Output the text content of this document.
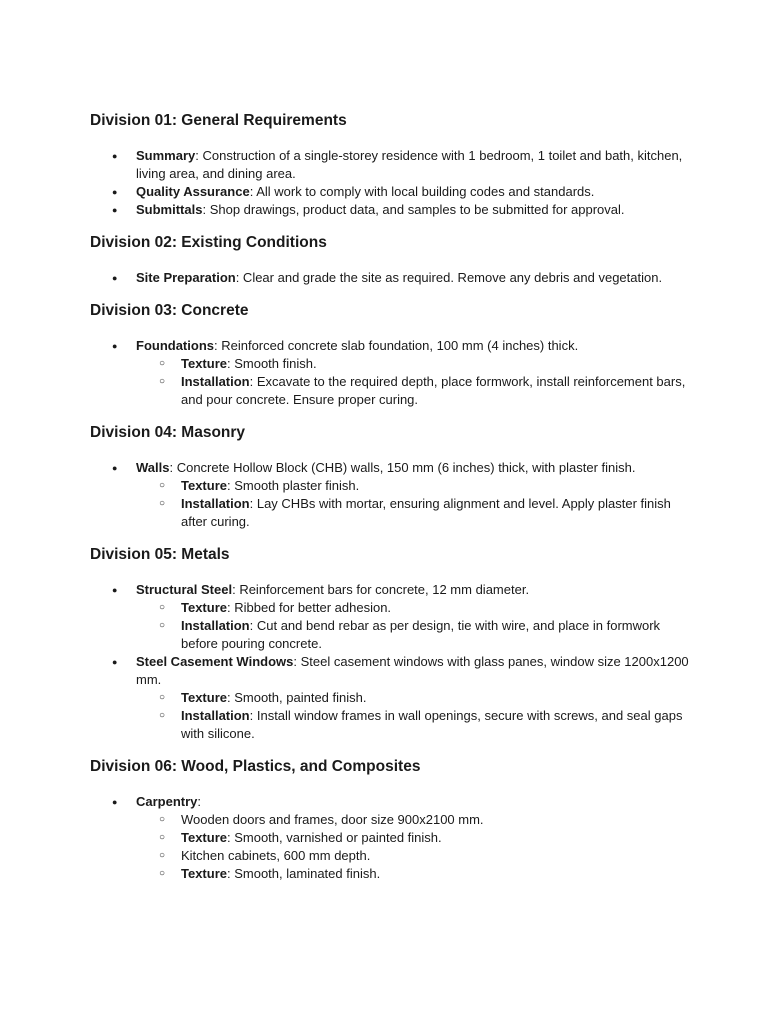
Division 01: General Requirements
● Summary: Construction of a single-storey residence with 1 bedroom, 1 toilet and bath, kitchen, living area, and dining area.
● Quality Assurance: All work to comply with local building codes and standards.
● Submittals: Shop drawings, product data, and samples to be submitted for approval.
Division 02: Existing Conditions
● Site Preparation: Clear and grade the site as required. Remove any debris and vegetation.
Division 03: Concrete
● Foundations: Reinforced concrete slab foundation, 100 mm (4 inches) thick.
○ Texture: Smooth finish.
○ Installation: Excavate to the required depth, place formwork, install reinforcement bars, and pour concrete. Ensure proper curing.
Division 04: Masonry
● Walls: Concrete Hollow Block (CHB) walls, 150 mm (6 inches) thick, with plaster finish.
○ Texture: Smooth plaster finish.
○ Installation: Lay CHBs with mortar, ensuring alignment and level. Apply plaster finish after curing.
Division 05: Metals
● Structural Steel: Reinforcement bars for concrete, 12 mm diameter.
○ Texture: Ribbed for better adhesion.
○ Installation: Cut and bend rebar as per design, tie with wire, and place in formwork before pouring concrete.
● Steel Casement Windows: Steel casement windows with glass panes, window size 1200x1200 mm.
○ Texture: Smooth, painted finish.
○ Installation: Install window frames in wall openings, secure with screws, and seal gaps with silicone.
Division 06: Wood, Plastics, and Composites
● Carpentry:
○ Wooden doors and frames, door size 900x2100 mm.
○ Texture: Smooth, varnished or painted finish.
○ Kitchen cabinets, 600 mm depth.
○ Texture: Smooth, laminated finish.
